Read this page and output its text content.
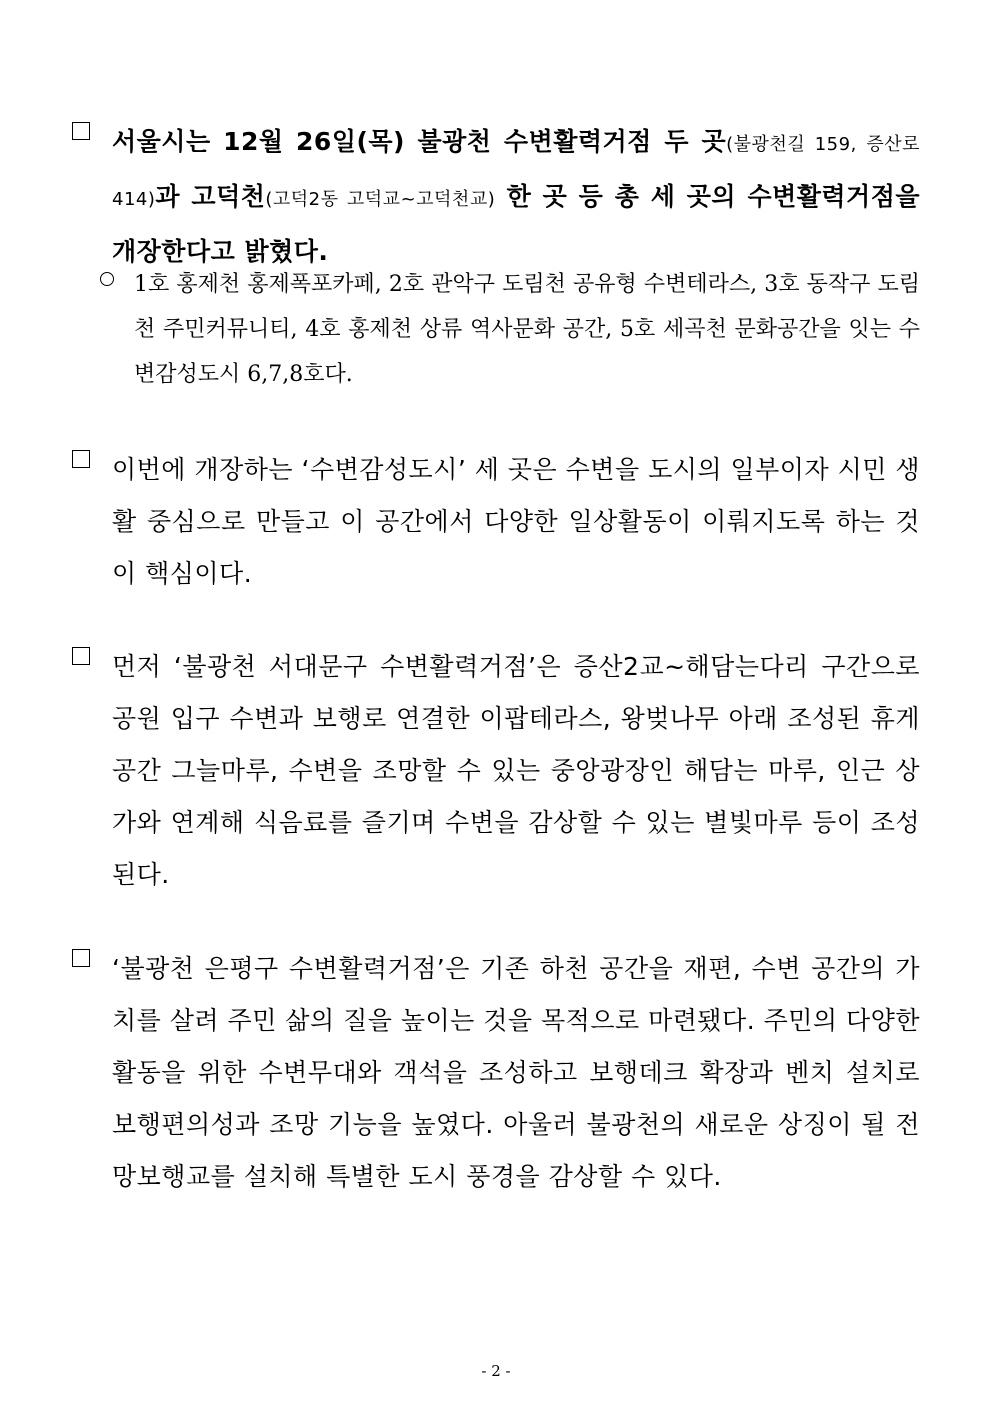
서울시는 12월 26일(목) 불광천 수변활력거점 두 곳(불광천길 159, 증산로 414)과 고덕천(고덕2동 고덕교~고덕천교) 한 곳 등 총 세 곳의 수변활력거점을 개장한다고 밝혔다.
1호 홍제천 홍제폭포카페, 2호 관악구 도림천 공유형 수변테라스, 3호 동작구 도림천 주민커뮤니티, 4호 홍제천 상류 역사문화 공간, 5호 세곡천 문화공간을 잇는 수변감성도시 6,7,8호다.
이번에 개장하는 ‘수변감성도시’ 세 곳은 수변을 도시의 일부이자 시민 생활 중심으로 만들고 이 공간에서 다양한 일상활동이 이뤄지도록 하는 것이 핵심이다.
먼저 ‘불광천 서대문구 수변활력거점’은 증산2교~해담는다리 구간으로 공원 입구 수변과 보행로 연결한 이팝테라스, 왕벚나무 아래 조성된 휴게공간 그늘마루, 수변을 조망할 수 있는 중앙광장인 해담는 마루, 인근 상가와 연계해 식음료를 즐기며 수변을 감상할 수 있는 별빛마루 등이 조성된다.
‘불광천 은평구 수변활력거점’은 기존 하천 공간을 재편, 수변 공간의 가치를 살려 주민 삶의 질을 높이는 것을 목적으로 마련됐다. 주민의 다양한 활동을 위한 수변무대와 객석을 조성하고 보행데크 확장과 벤치 설치로 보행편의성과 조망 기능을 높였다. 아울러 불광천의 새로운 상징이 될 전망보행교를 설치해 특별한 도시 풍경을 감상할 수 있다.
- 2 -
